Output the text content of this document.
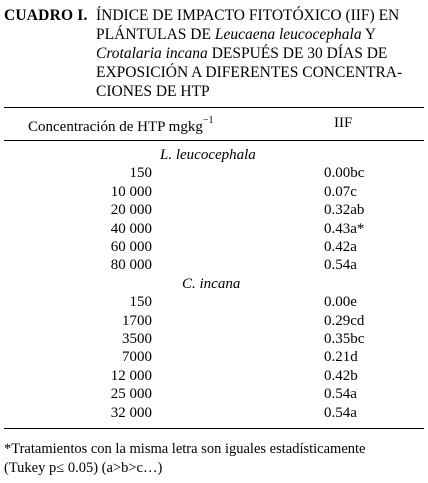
CUADRO I. ÍNDICE DE IMPACTO FITOTÓXICO (IIF) EN
PLÁNTULAS DE Leucaena leucocephala Y
Crotalaria incana DESPUÉS DE 30 DÍAS DE
EXPOSICIÓN A DIFERENTES CONCENTRA-
CIONES DE HTP
Concentración de HTP mgkg$^{-1}$	IIF
L. leucocephala
150	0.00bc
10 000	0.07c
20 000	0.32ab
40 000	0.43a*
60 000	0.42a
80 000	0.54a
C. incana
150	0.00e
1700	0.29cd
3500	0.35bc
7000	0.21d
12 000	0.42b
25 000	0.54a
32 000	0.54a
*Tratamientos con la misma letra son iguales estadísticamente
(Tukey p≤ 0.05) (a>b>c…)
